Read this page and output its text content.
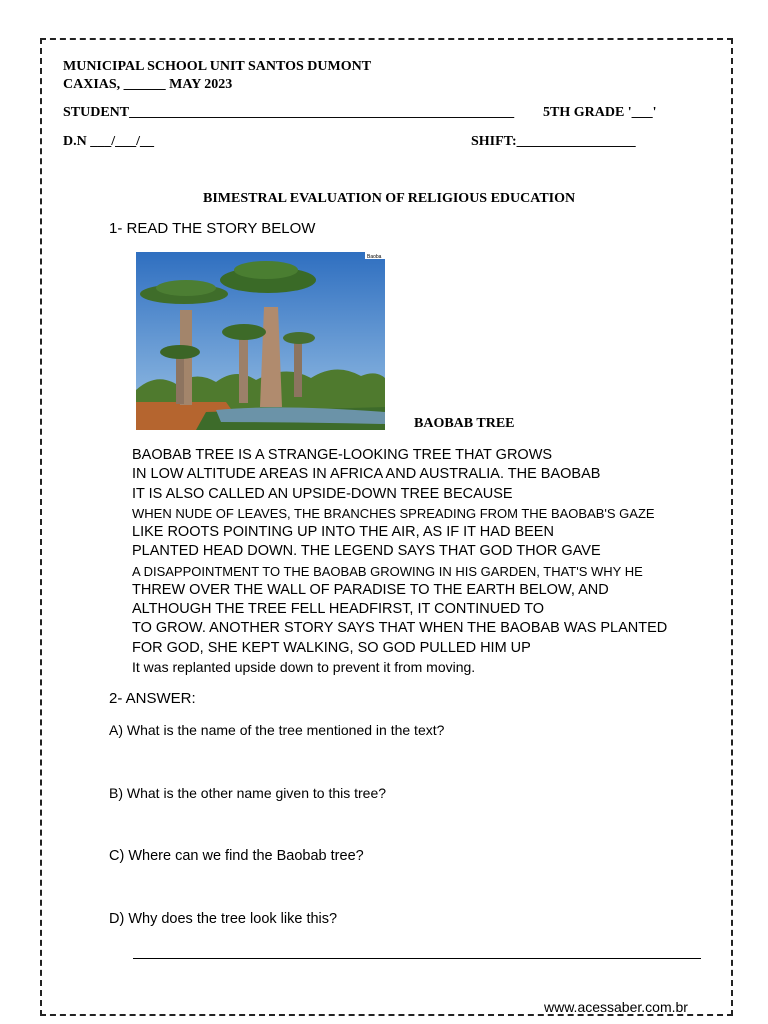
MUNICIPAL SCHOOL UNIT SANTOS DUMONT
CAXIAS, ______ MAY 2023
STUDENT_______________________________________________________ 5TH GRADE '___'
D.N ___/___/__	SHIFT:_________________
BIMESTRAL EVALUATION OF RELIGIOUS EDUCATION
1- READ THE STORY BELOW
Baoba
BAOBAB TREE
BAOBAB TREE IS A STRANGE-LOOKING TREE THAT GROWS
IN LOW ALTITUDE AREAS IN AFRICA AND AUSTRALIA. THE BAOBAB
IT IS ALSO CALLED AN UPSIDE-DOWN TREE BECAUSE
WHEN NUDE OF LEAVES, THE BRANCHES SPREADING FROM THE BAOBAB'S GAZE
LIKE ROOTS POINTING UP INTO THE AIR, AS IF IT HAD BEEN
PLANTED HEAD DOWN. THE LEGEND SAYS THAT GOD THOR GAVE
A DISAPPOINTMENT TO THE BAOBAB GROWING IN HIS GARDEN, THAT'S WHY HE
THREW OVER THE WALL OF PARADISE TO THE EARTH BELOW, AND
ALTHOUGH THE TREE FELL HEADFIRST, IT CONTINUED TO
TO GROW. ANOTHER STORY SAYS THAT WHEN THE BAOBAB WAS PLANTED
FOR GOD, SHE KEPT WALKING, SO GOD PULLED HIM UP
It was replanted upside down to prevent it from moving.
2- ANSWER:
A) What is the name of the tree mentioned in the text?
B) What is the other name given to this tree?
C) Where can we find the Baobab tree?
D) Why does the tree look like this?
www.acessaber.com.br
